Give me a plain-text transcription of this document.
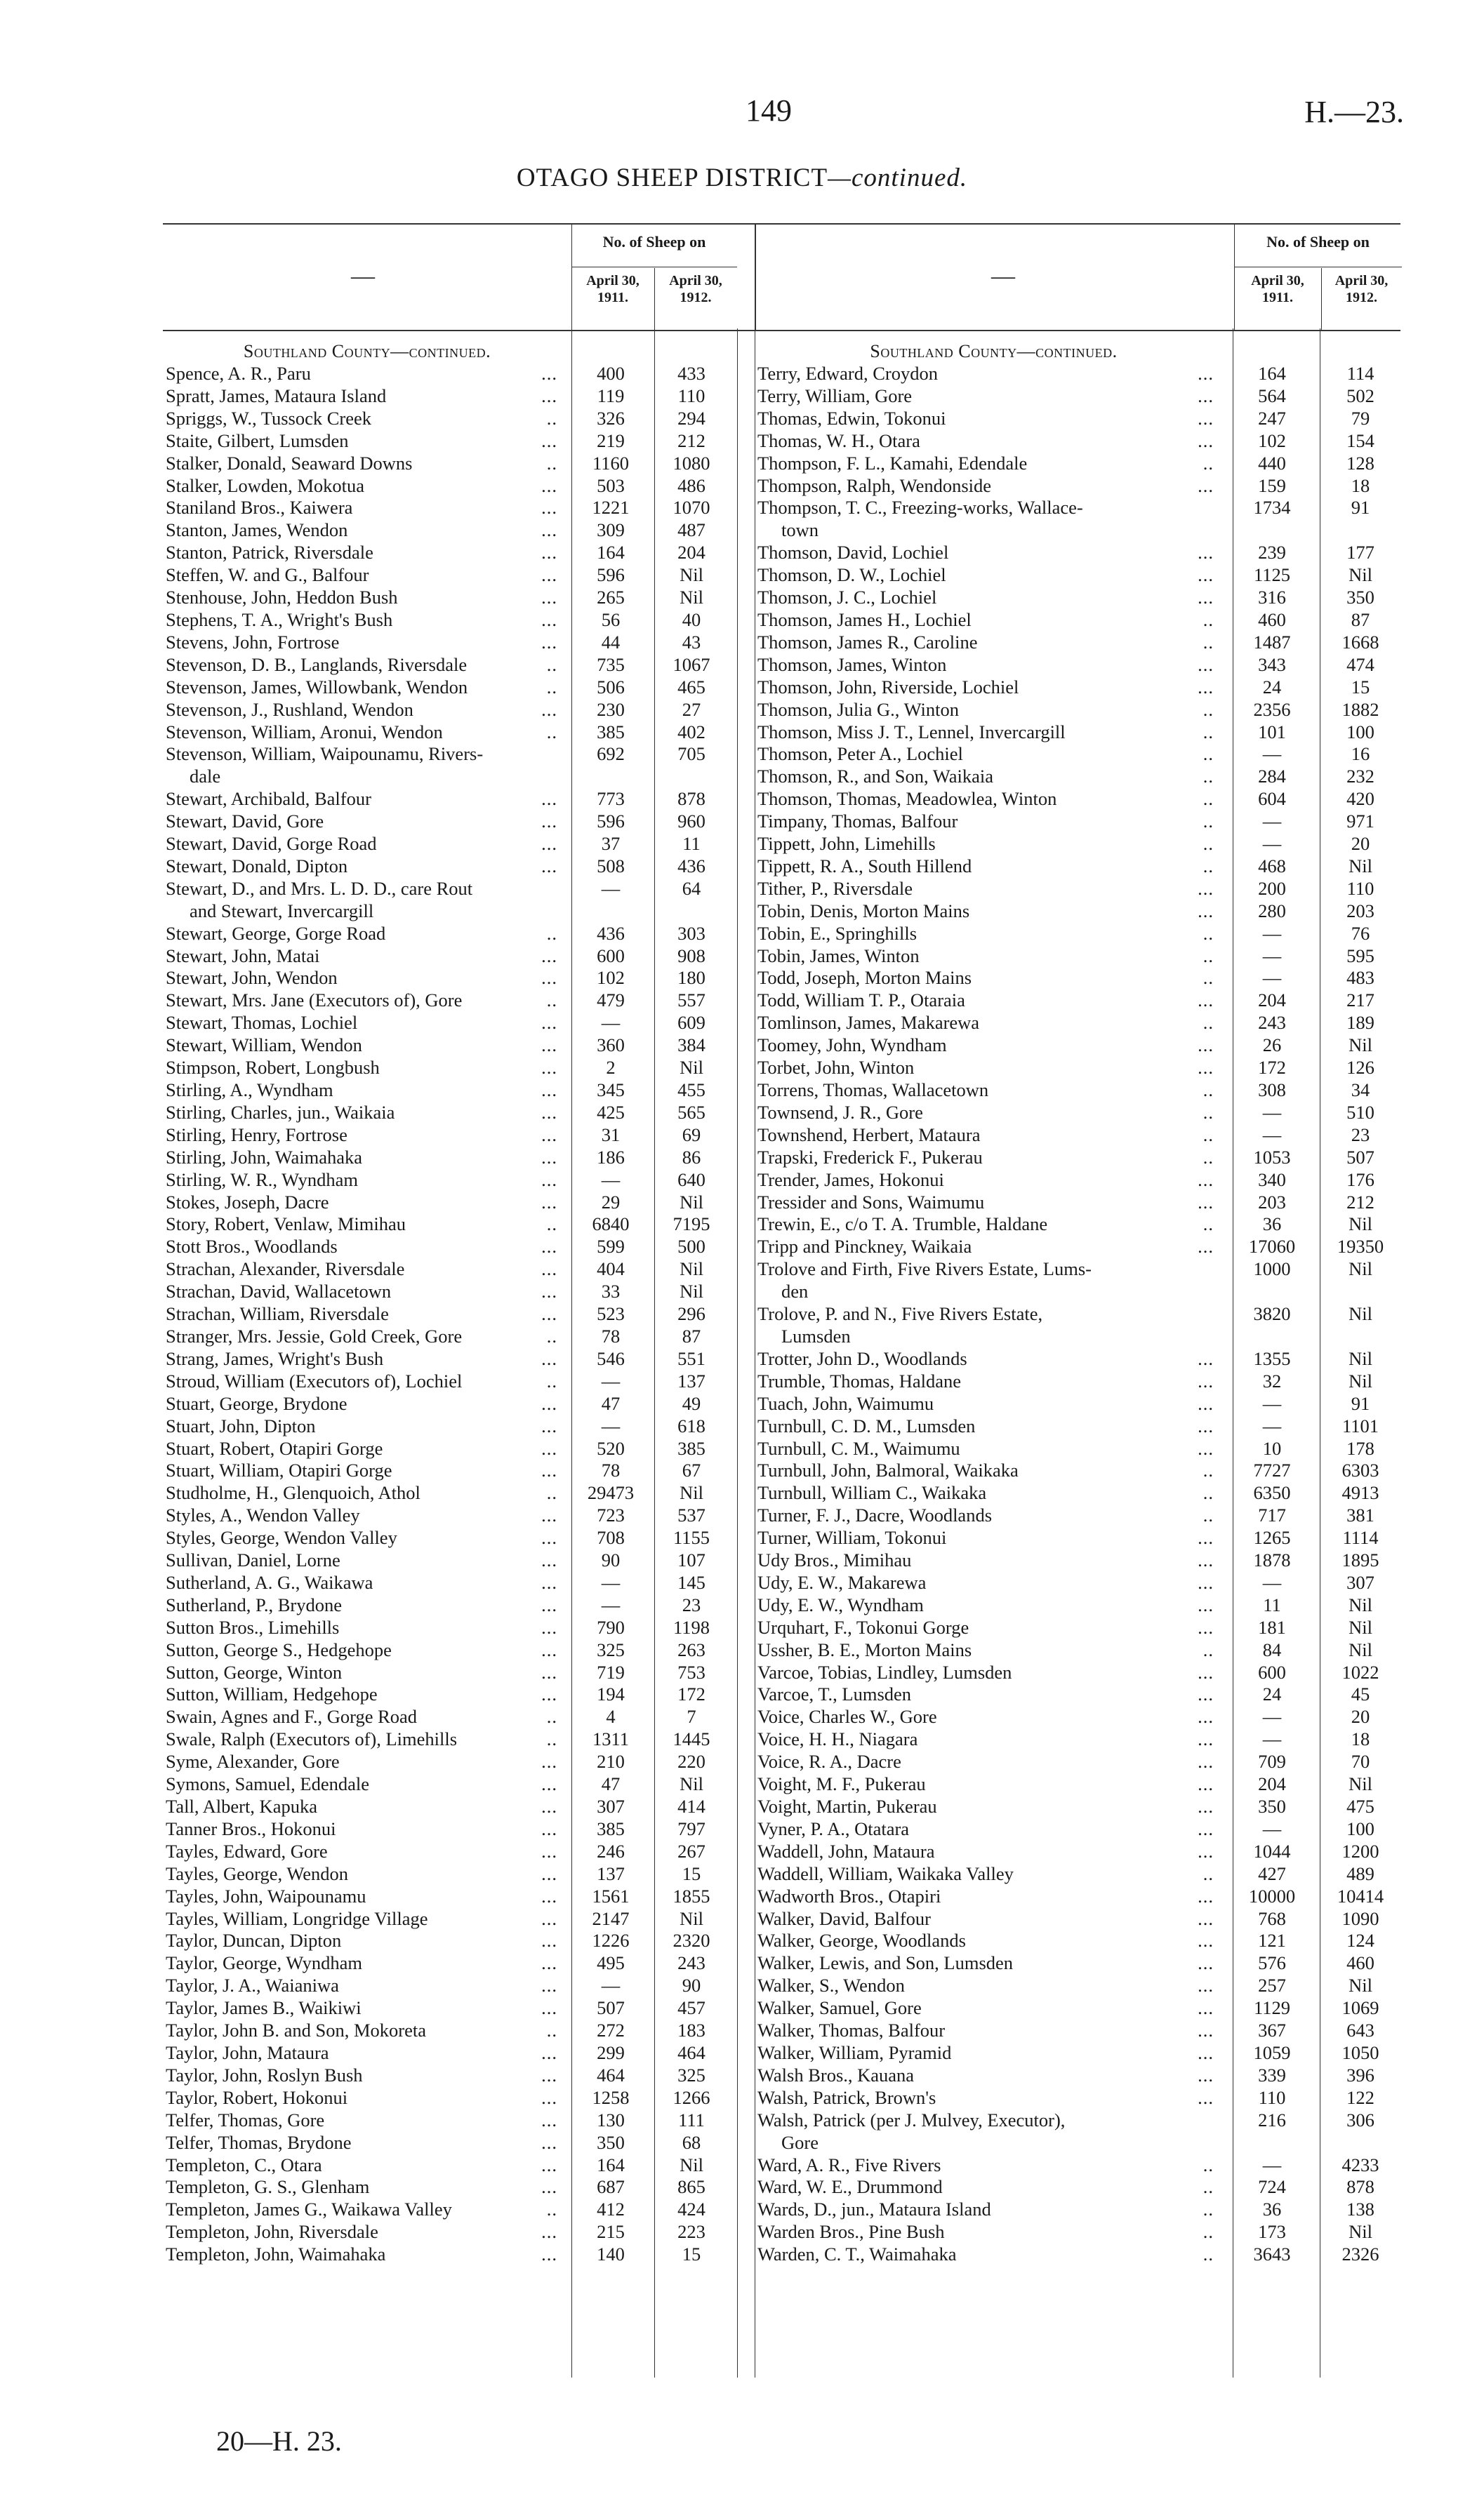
149	H.—23.
OTAGO SHEEP DISTRICT—continued.
—
No. of Sheep on
April 30,
1911.
April 30,
1912.
Southland County—continued.
Spence, A. R., Paru	...	400	433
Spratt, James, Mataura Island	...	119	110
Spriggs, W., Tussock Creek	..	326	294
Staite, Gilbert, Lumsden	...	219	212
Stalker, Donald, Seaward Downs	..	1160	1080
Stalker, Lowden, Mokotua	...	503	486
Staniland Bros., Kaiwera	...	1221	1070
Stanton, James, Wendon	...	309	487
Stanton, Patrick, Riversdale	...	164	204
Steffen, W. and G., Balfour	...	596	Nil
Stenhouse, John, Heddon Bush	...	265	Nil
Stephens, T. A., Wright's Bush	...	56	40
Stevens, John, Fortrose	...	44	43
Stevenson, D. B., Langlands, Riversdale	..	735	1067
Stevenson, James, Willowbank, Wendon	..	506	465
Stevenson, J., Rushland, Wendon	...	230	27
Stevenson, William, Aronui, Wendon	..	385	402
Stevenson, William, Waipounamu, Rivers-
dale
692	705
Stewart, Archibald, Balfour	...	773	878
Stewart, David, Gore	...	596	960
Stewart, David, Gorge Road	...	37	11
Stewart, Donald, Dipton	...	508	436
Stewart, D., and Mrs. L. D. D., care Rout
and Stewart, Invercargill
—	64
Stewart, George, Gorge Road	..	436	303
Stewart, John, Matai	...	600	908
Stewart, John, Wendon	...	102	180
Stewart, Mrs. Jane (Executors of), Gore	..	479	557
Stewart, Thomas, Lochiel	...	—	609
Stewart, William, Wendon	...	360	384
Stimpson, Robert, Longbush	...	2	Nil
Stirling, A., Wyndham	...	345	455
Stirling, Charles, jun., Waikaia	...	425	565
Stirling, Henry, Fortrose	...	31	69
Stirling, John, Waimahaka	...	186	86
Stirling, W. R., Wyndham	...	—	640
Stokes, Joseph, Dacre	...	29	Nil
Story, Robert, Venlaw, Mimihau	..	6840	7195
Stott Bros., Woodlands	...	599	500
Strachan, Alexander, Riversdale	...	404	Nil
Strachan, David, Wallacetown	...	33	Nil
Strachan, William, Riversdale	...	523	296
Stranger, Mrs. Jessie, Gold Creek, Gore	..	78	87
Strang, James, Wright's Bush	...	546	551
Stroud, William (Executors of), Lochiel	..	—	137
Stuart, George, Brydone	...	47	49
Stuart, John, Dipton	...	—	618
Stuart, Robert, Otapiri Gorge	...	520	385
Stuart, William, Otapiri Gorge	...	78	67
Studholme, H., Glenquoich, Athol	..	29473	Nil
Styles, A., Wendon Valley	...	723	537
Styles, George, Wendon Valley	...	708	1155
Sullivan, Daniel, Lorne	...	90	107
Sutherland, A. G., Waikawa	...	—	145
Sutherland, P., Brydone	...	—	23
Sutton Bros., Limehills	...	790	1198
Sutton, George S., Hedgehope	...	325	263
Sutton, George, Winton	...	719	753
Sutton, William, Hedgehope	...	194	172
Swain, Agnes and F., Gorge Road	..	4	7
Swale, Ralph (Executors of), Limehills	..	1311	1445
Syme, Alexander, Gore	...	210	220
Symons, Samuel, Edendale	...	47	Nil
Tall, Albert, Kapuka	...	307	414
Tanner Bros., Hokonui	...	385	797
Tayles, Edward, Gore	...	246	267
Tayles, George, Wendon	...	137	15
Tayles, John, Waipounamu	...	1561	1855
Tayles, William, Longridge Village	...	2147	Nil
Taylor, Duncan, Dipton	...	1226	2320
Taylor, George, Wyndham	...	495	243
Taylor, J. A., Waianiwa	...	—	90
Taylor, James B., Waikiwi	...	507	457
Taylor, John B. and Son, Mokoreta	..	272	183
Taylor, John, Mataura	...	299	464
Taylor, John, Roslyn Bush	...	464	325
Taylor, Robert, Hokonui	...	1258	1266
Telfer, Thomas, Gore	...	130	111
Telfer, Thomas, Brydone	...	350	68
Templeton, C., Otara	...	164	Nil
Templeton, G. S., Glenham	...	687	865
Templeton, James G., Waikawa Valley	..	412	424
Templeton, John, Riversdale	...	215	223
Templeton, John, Waimahaka	...	140	15
—
No. of Sheep on
April 30,
1911.
April 30,
1912.
Southland County—continued.
Terry, Edward, Croydon	...	164	114
Terry, William, Gore	...	564	502
Thomas, Edwin, Tokonui	...	247	79
Thomas, W. H., Otara	...	102	154
Thompson, F. L., Kamahi, Edendale	..	440	128
Thompson, Ralph, Wendonside	...	159	18
Thompson, T. C., Freezing-works, Wallace-
town
1734	91
Thomson, David, Lochiel	...	239	177
Thomson, D. W., Lochiel	...	1125	Nil
Thomson, J. C., Lochiel	...	316	350
Thomson, James H., Lochiel	..	460	87
Thomson, James R., Caroline	..	1487	1668
Thomson, James, Winton	...	343	474
Thomson, John, Riverside, Lochiel	...	24	15
Thomson, Julia G., Winton	..	2356	1882
Thomson, Miss J. T., Lennel, Invercargill	..	101	100
Thomson, Peter A., Lochiel	..	—	16
Thomson, R., and Son, Waikaia	..	284	232
Thomson, Thomas, Meadowlea, Winton	..	604	420
Timpany, Thomas, Balfour	..	—	971
Tippett, John, Limehills	..	—	20
Tippett, R. A., South Hillend	..	468	Nil
Tither, P., Riversdale	...	200	110
Tobin, Denis, Morton Mains	...	280	203
Tobin, E., Springhills	..	—	76
Tobin, James, Winton	..	—	595
Todd, Joseph, Morton Mains	..	—	483
Todd, William T. P., Otaraia	...	204	217
Tomlinson, James, Makarewa	..	243	189
Toomey, John, Wyndham	...	26	Nil
Torbet, John, Winton	...	172	126
Torrens, Thomas, Wallacetown	..	308	34
Townsend, J. R., Gore	..	—	510
Townshend, Herbert, Mataura	..	—	23
Trapski, Frederick F., Pukerau	..	1053	507
Trender, James, Hokonui	...	340	176
Tressider and Sons, Waimumu	...	203	212
Trewin, E., c/o T. A. Trumble, Haldane	..	36	Nil
Tripp and Pinckney, Waikaia	...	17060	19350
Trolove and Firth, Five Rivers Estate, Lums-
den
1000	Nil
Trolove, P. and N., Five Rivers Estate,
Lumsden
3820	Nil
Trotter, John D., Woodlands	...	1355	Nil
Trumble, Thomas, Haldane	...	32	Nil
Tuach, John, Waimumu	...	—	91
Turnbull, C. D. M., Lumsden	...	—	1101
Turnbull, C. M., Waimumu	...	10	178
Turnbull, John, Balmoral, Waikaka	..	7727	6303
Turnbull, William C., Waikaka	..	6350	4913
Turner, F. J., Dacre, Woodlands	..	717	381
Turner, William, Tokonui	...	1265	1114
Udy Bros., Mimihau	...	1878	1895
Udy, E. W., Makarewa	...	—	307
Udy, E. W., Wyndham	...	11	Nil
Urquhart, F., Tokonui Gorge	...	181	Nil
Ussher, B. E., Morton Mains	..	84	Nil
Varcoe, Tobias, Lindley, Lumsden	...	600	1022
Varcoe, T., Lumsden	...	24	45
Voice, Charles W., Gore	...	—	20
Voice, H. H., Niagara	...	—	18
Voice, R. A., Dacre	...	709	70
Voight, M. F., Pukerau	...	204	Nil
Voight, Martin, Pukerau	...	350	475
Vyner, P. A., Otatara	...	—	100
Waddell, John, Mataura	...	1044	1200
Waddell, William, Waikaka Valley	..	427	489
Wadworth Bros., Otapiri	...	10000	10414
Walker, David, Balfour	...	768	1090
Walker, George, Woodlands	...	121	124
Walker, Lewis, and Son, Lumsden	...	576	460
Walker, S., Wendon	...	257	Nil
Walker, Samuel, Gore	...	1129	1069
Walker, Thomas, Balfour	...	367	643
Walker, William, Pyramid	...	1059	1050
Walsh Bros., Kauana	...	339	396
Walsh, Patrick, Brown's	...	110	122
Walsh, Patrick (per J. Mulvey, Executor),
Gore
216	306
Ward, A. R., Five Rivers	..	—	4233
Ward, W. E., Drummond	..	724	878
Wards, D., jun., Mataura Island	..	36	138
Warden Bros., Pine Bush	..	173	Nil
Warden, C. T., Waimahaka	..	3643	2326
20—H. 23.
